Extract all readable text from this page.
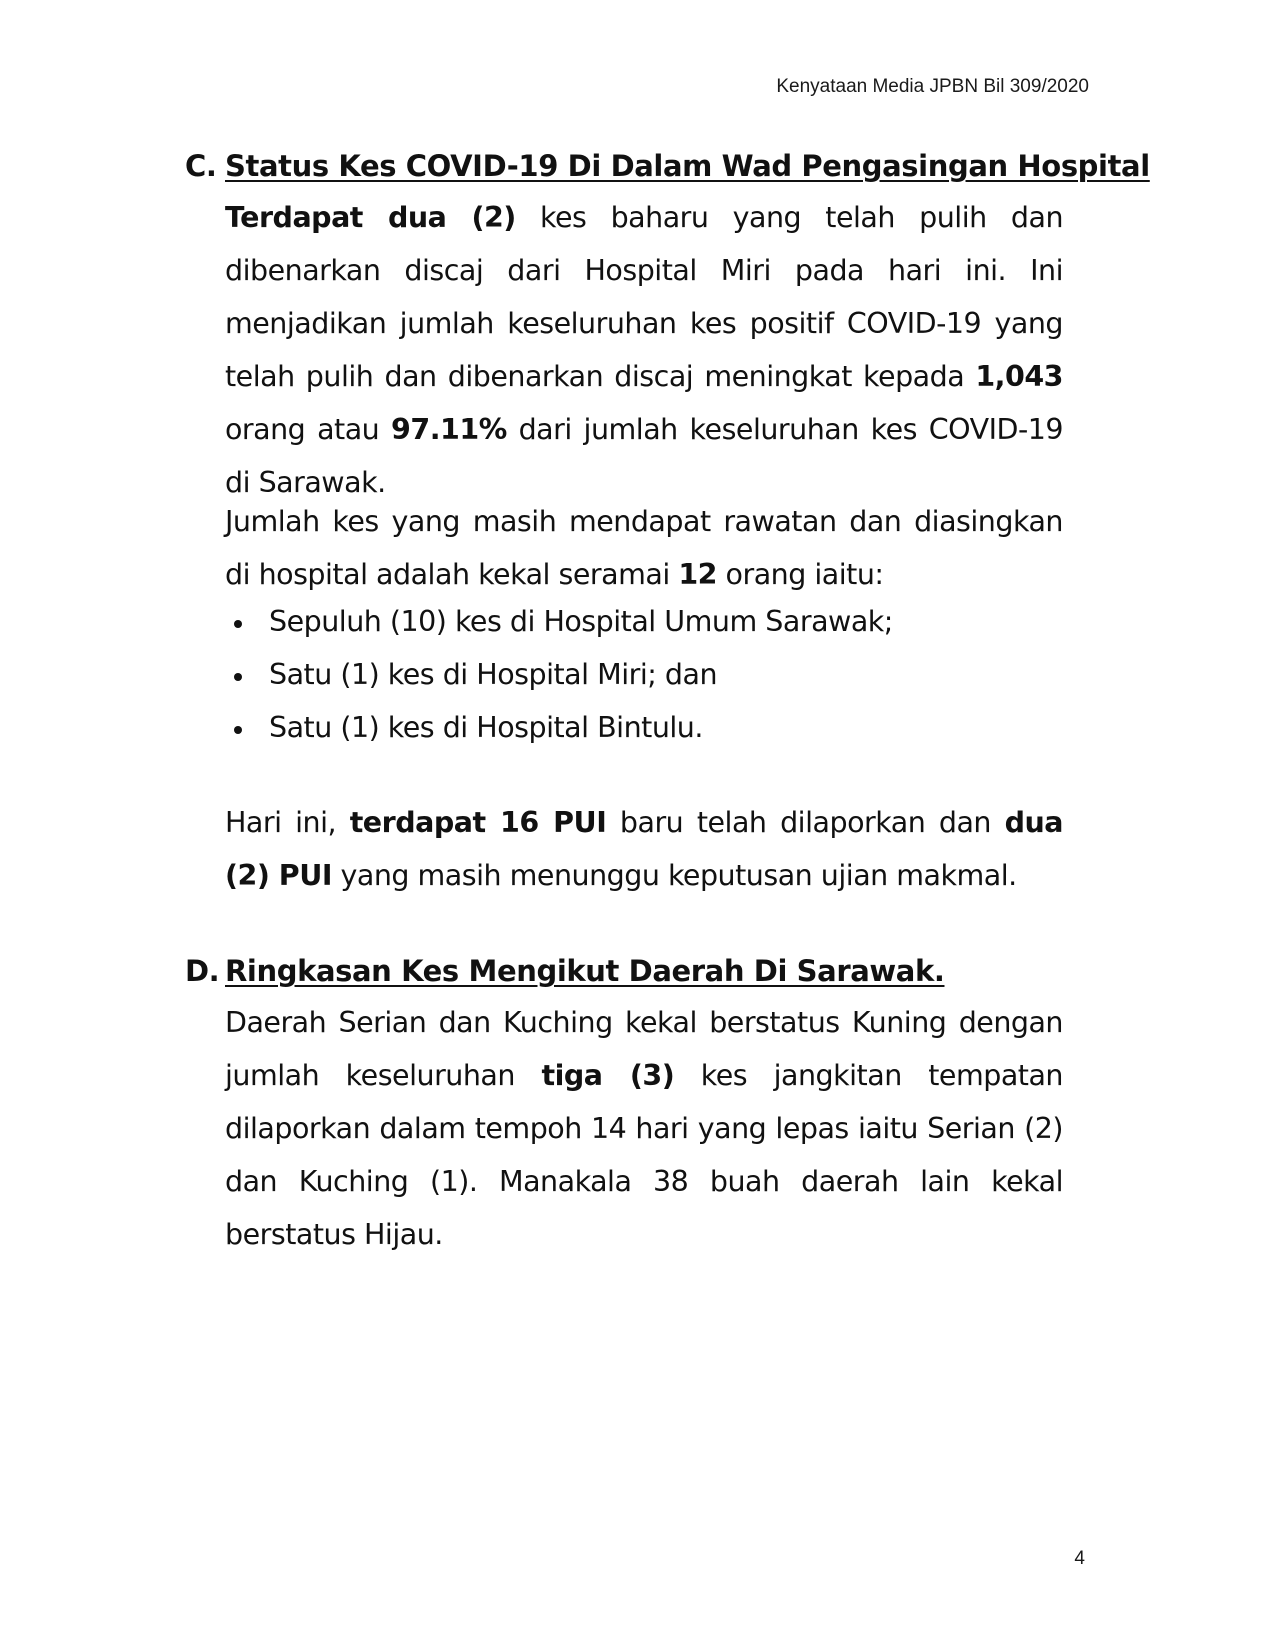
Kenyataan Media JPBN Bil 309/2020
C. Status Kes COVID-19 Di Dalam Wad Pengasingan Hospital

Terdapat dua (2) kes baharu yang telah pulih dan dibenarkan discaj dari Hospital Miri pada hari ini. Ini menjadikan jumlah keseluruhan kes positif COVID-19 yang telah pulih dan dibenarkan discaj meningkat kepada 1,043 orang atau 97.11% dari jumlah keseluruhan kes COVID-19 di Sarawak.

Jumlah kes yang masih mendapat rawatan dan diasingkan di hospital adalah kekal seramai 12 orang iaitu:

Sepuluh (10) kes di Hospital Umum Sarawak;
Satu (1) kes di Hospital Miri; dan
Satu (1) kes di Hospital Bintulu.

Hari ini, terdapat 16 PUI baru telah dilaporkan dan dua (2) PUI yang masih menunggu keputusan ujian makmal.

D. Ringkasan Kes Mengikut Daerah Di Sarawak.

Daerah Serian dan Kuching kekal berstatus Kuning dengan jumlah keseluruhan tiga (3) kes jangkitan tempatan dilaporkan dalam tempoh 14 hari yang lepas iaitu Serian (2) dan Kuching (1). Manakala 38 buah daerah lain kekal berstatus Hijau.

4
